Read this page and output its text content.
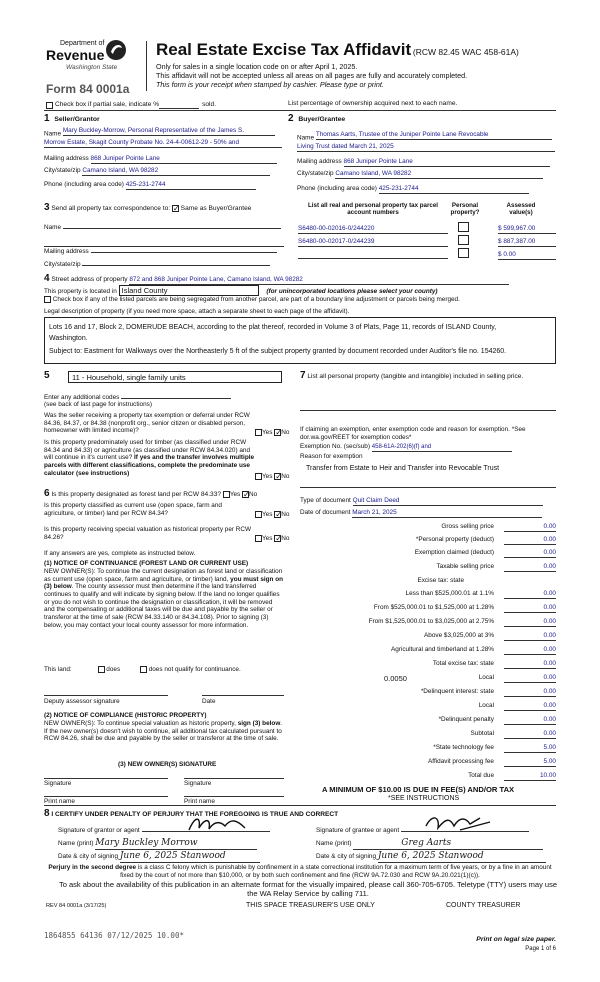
Department of
Revenue
Washington State
Form 84 0001a
Real Estate Excise Tax Affidavit (RCW 82.45 WAC 458-61A)
Only for sales in a single location code on or after April 1, 2025.
This affidavit will not be accepted unless all areas on all pages are fully and accurately completed.
This form is your receipt when stamped by cashier. Please type or print.
Check box if partial sale, indicate %	sold.	List percentage of ownership acquired next to each name.
1 Seller/Grantor
Name Mary Buckley-Morrow, Personal Representative of the James S.
Morrow Estate, Skagit County Probate No. 24-4-00612-29 - 50% and
Mailing address 868 Juniper Pointe Lane
City/state/zip Camano Island, WA 98282
Phone (including area code) 425-231-2744
2 Buyer/Grantee
Name Thomas Aarts, Trustee of the Juniper Pointe Lane Revocable
Living Trust dated March 21, 2025
Mailing address 868 Juniper Pointe Lane
City/state/zip Camano Island, WA 98282
Phone (including area code) 425-231-2744
3 Send all property tax correspondence to: ✓ Same as Buyer/Grantee
Name
Mailing address
City/state/zip
List all real and personal property tax parcel account numbers
Personal property?
Assessed value(s)
S6480-00-02016-0/244220	$ 599,967.00
S6480-00-02017-0/244239	$ 887,387.00
$ 0.00
4 Street address of property 872 and 868 Juniper Pointe Lane, Camano Island, WA 98282
This property is located in Island County	(for unincorporated locations please select your county)
Check box if any of the listed parcels are being segregated from another parcel, are part of a boundary line adjustment or parcels being merged.
Legal description of property (if you need more space, attach a separate sheet to each page of the affidavit).
Lots 16 and 17, Block 2, DOMERUDE BEACH, according to the plat thereof, recorded in Volume 3 of Plats, Page 11, records of ISLAND County,
Washington.
Subject to: Eastment for Walkways over the Northeasterly 5 ft of the subject property granted by document recorded under Auditor's file no. 154260.
5	11 - Household, single family units
Enter any additional codes
(see back of last page for instructions)
Was the seller receiving a property tax exemption or deferral under RCW 84.36, 84.37, or 84.38 (nonprofit org., senior citizen or disabled person, homeowner with limited income)?	Yes ✓ No
Is this property predominately used for timber (as classified under RCW 84.34 and 84.33) or agriculture (as classified under RCW 84.34.020) and will continue in it's current use? If yes and the transfer involves multiple parcels with different classifications, complete the predominate use calculator (see instructions)	Yes ✓ No
6 Is this property designated as forest land per RCW 84.33? Yes ✓ No
Is this property classified as current use (open space, farm and agriculture, or timber) land per RCW 84.34?	Yes ✓ No
Is this property receiving special valuation as historical property per RCW 84.26?	Yes ✓ No
If any answers are yes, complete as instructed below.
(1) NOTICE OF CONTINUANCE (FOREST LAND OR CURRENT USE)
NEW OWNER(S): To continue the current designation as forest land or classification as current use (open space, farm and agriculture, or timber) land, you must sign on (3) below. The county assessor must then determine if the land transferred continues to qualify and will indicate by signing below. If the land no longer qualifies or you do not wish to continue the designation or classification, it will be removed and the compensating or additional taxes will be due and payable by the seller or transferor at the time of sale (RCW 84.33.140 or 84.34.108). Prior to signing (3) below, you may contact your local county assessor for more information.
This land:	does	does not qualify for continuance.
Deputy assessor signature	Date
(2) NOTICE OF COMPLIANCE (HISTORIC PROPERTY)
NEW OWNER(S): To continue special valuation as historic property, sign (3) below. If the new owner(s) doesn't wish to continue, all additional tax calculated pursuant to RCW 84.26, shall be due and payable by the seller or transferor at the time of sale.
(3) NEW OWNER(S) SIGNATURE
Signature	Signature
Print name	Print name
7 List all personal property (tangible and intangible) included in selling price.
If claiming an exemption, enter exemption code and reason for exemption. *See dor.wa.gov/REET for exemption codes*
Exemption No. (sec/sub) 458-61A-202(6)(f) and
Reason for exemption
Transfer from Estate to Heir and Transfer into Revocable Trust
Type of document Quit Claim Deed
Date of document March 21, 2025
Gross selling price	0.00
*Personal property (deduct)	0.00
Exemption claimed (deduct)	0.00
Taxable selling price	0.00
Excise tax: state
Less than $525,000.01 at 1.1%	0.00
From $525,000.01 to $1,525,000 at 1.28%	0.00
From $1,525,000.01 to $3,025,000 at 2.75%	0.00
Above $3,025,000 at 3%	0.00
Agricultural and timberland at 1.28%	0.00
Total excise tax: state	0.00
0.0050	Local	0.00
*Delinquent interest: state	0.00
Local	0.00
*Delinquent penalty	0.00
Subtotal	0.00
*State technology fee	5.00
Affidavit processing fee	5.00
Total due	10.00
A MINIMUM OF $10.00 IS DUE IN FEE(S) AND/OR TAX
*SEE INSTRUCTIONS
8 I CERTIFY UNDER PENALTY OF PERJURY THAT THE FOREGOING IS TRUE AND CORRECT
Signature of grantor or agent
Name (print) Mary Buckley Morrow
Date & city of signing June 6, 2025 Stanwood
Signature of grantee or agent
Name (print)	Greg Aarts
Date & city of signing June 6, 2025 Stanwood
Perjury in the second degree is a class C felony which is punishable by confinement in a state correctional institution for a maximum term of five years, or by a fine in an amount fixed by the court of not more than $10,000, or by both such confinement and fine (RCW 9A.72.030 and RCW 9A.20.021(1)(c)).
To ask about the availability of this publication in an alternate format for the visually impaired, please call 360-705-6705. Teletype (TTY) users may use the WA Relay Service by calling 711.
REV 84 0001a (3/17/25)	THIS SPACE TREASURER'S USE ONLY	COUNTY TREASURER
1864855 64136 07/12/2025 10.00*	Print on legal size paper.
Page 1 of 6
